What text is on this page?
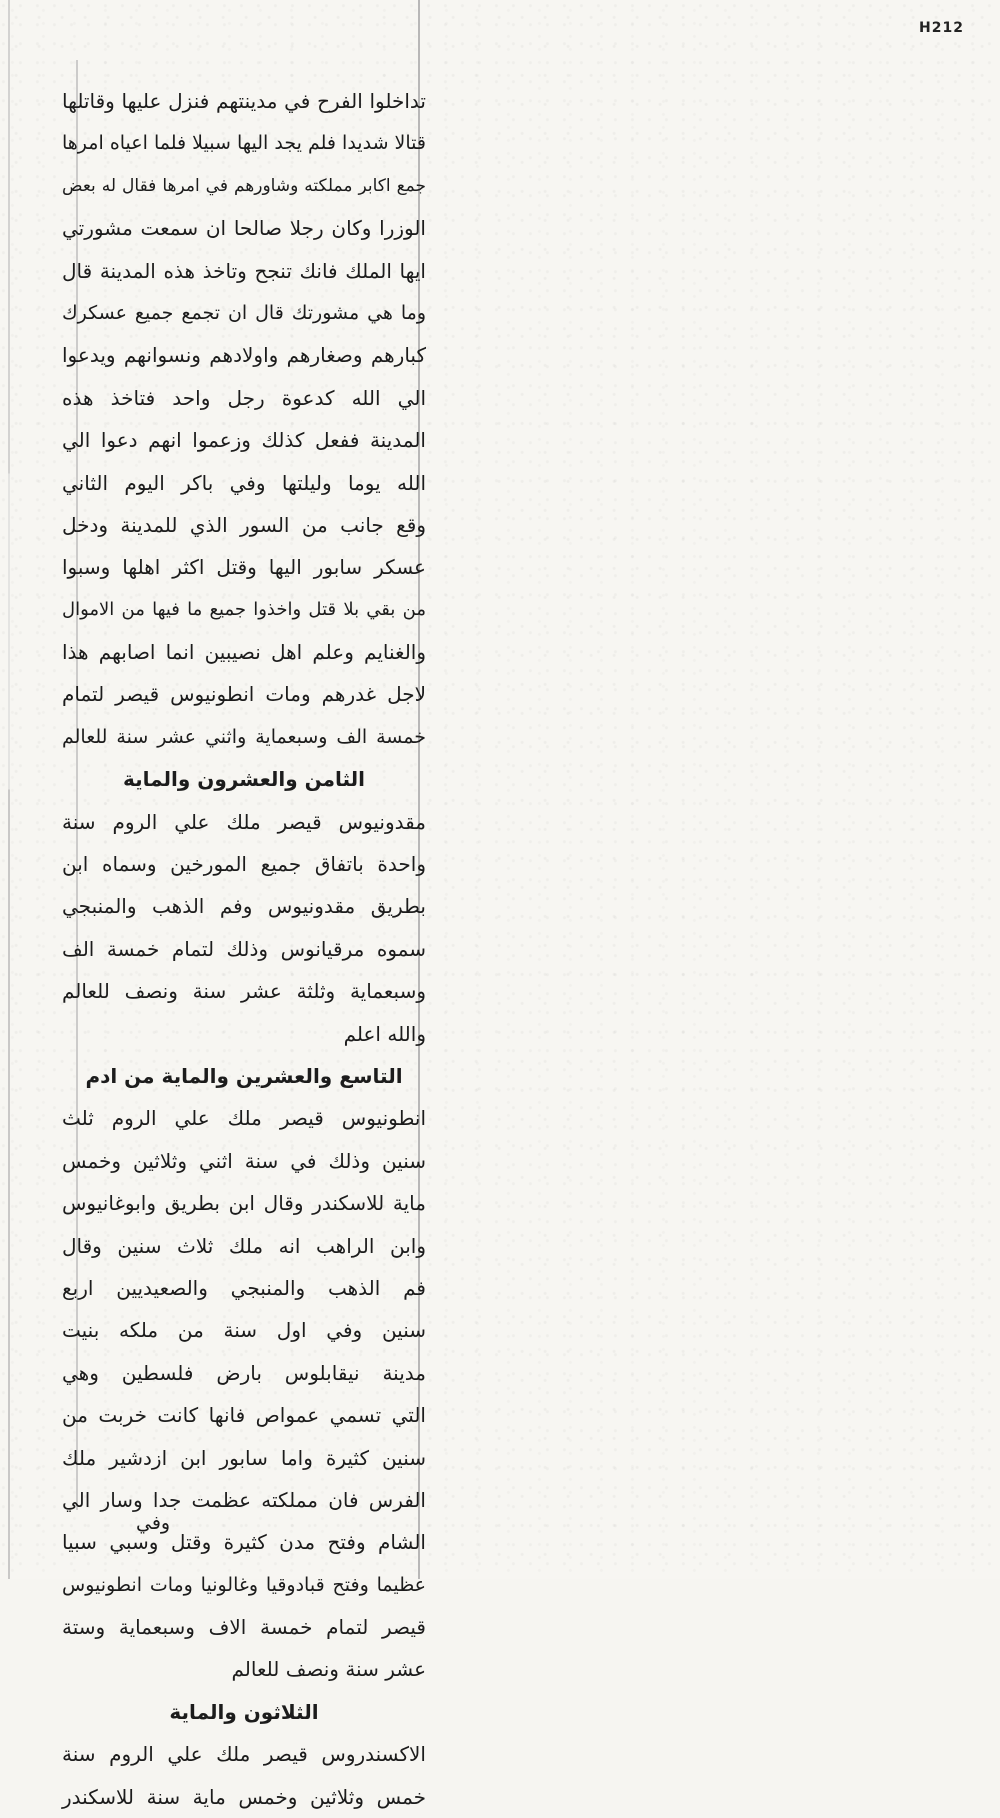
H212
تداخلوا الفرح في مدينتهم فنزل عليها وقاتلها
قتالا شديدا فلم يجد اليها سبيلا فلما اعياه امرها
جمع اكابر مملكته وشاورهم في امرها فقال له بعض
الوزرا وكان رجلا صالحا ان سمعت مشورتي
ايها الملك فانك تنجح وتاخذ هذه المدينة قال
وما هي مشورتك قال ان تجمع جميع عسكرك
كبارهم وصغارهم واولادهم ونسوانهم ويدعوا
الي الله كدعوة رجل واحد فتاخذ هذه
المدينة ففعل كذلك وزعموا انهم دعوا الي
الله يوما وليلتها وفي باكر اليوم الثاني
وقع جانب من السور الذي للمدينة ودخل
عسكر سابور اليها وقتل اكثر اهلها وسبوا
من بقي بلا قتل واخذوا جميع ما فيها من الاموال
والغنايم وعلم اهل نصيبين انما اصابهم هذا
لاجل غدرهم ومات انطونيوس قيصر لتمام
خمسة الف وسبعماية واثني عشر سنة للعالم
الثامن والعشرون والماية
مقدونيوس قيصر ملك علي الروم سنة
واحدة باتفاق جميع المورخين وسماه ابن
بطريق مقدونيوس وفم الذهب والمنبجي
سموه مرقيانوس وذلك لتمام خمسة الف
وسبعماية وثلثة عشر سنة ونصف للعالم
والله اعلم
التاسع والعشرين والماية من ادم
انطونيوس قيصر ملك علي الروم ثلث
سنين وذلك في سنة اثني وثلاثين وخمس
ماية للاسكندر وقال ابن بطريق وابوغانيوس
وابن الراهب انه ملك ثلاث سنين وقال
فم الذهب والمنبجي والصعيديين اربع
سنين وفي اول سنة من ملكه بنيت
مدينة نيقابلوس بارض فلسطين وهي
التي تسمي عمواص فانها كانت خربت من
سنين كثيرة واما سابور ابن ازدشير ملك
الفرس فان مملكته عظمت جدا وسار الي
الشام وفتح مدن كثيرة وقتل وسبي سبيا
عظيما وفتح قبادوقيا وغالونيا ومات انطونيوس
قيصر لتمام خمسة الاف وسبعماية وستة
عشر سنة ونصف للعالم
الثلاثون والماية
الاكسندروس قيصر ملك علي الروم سنة
خمس وثلاثين وخمس ماية سنة للاسكندر
وفي
